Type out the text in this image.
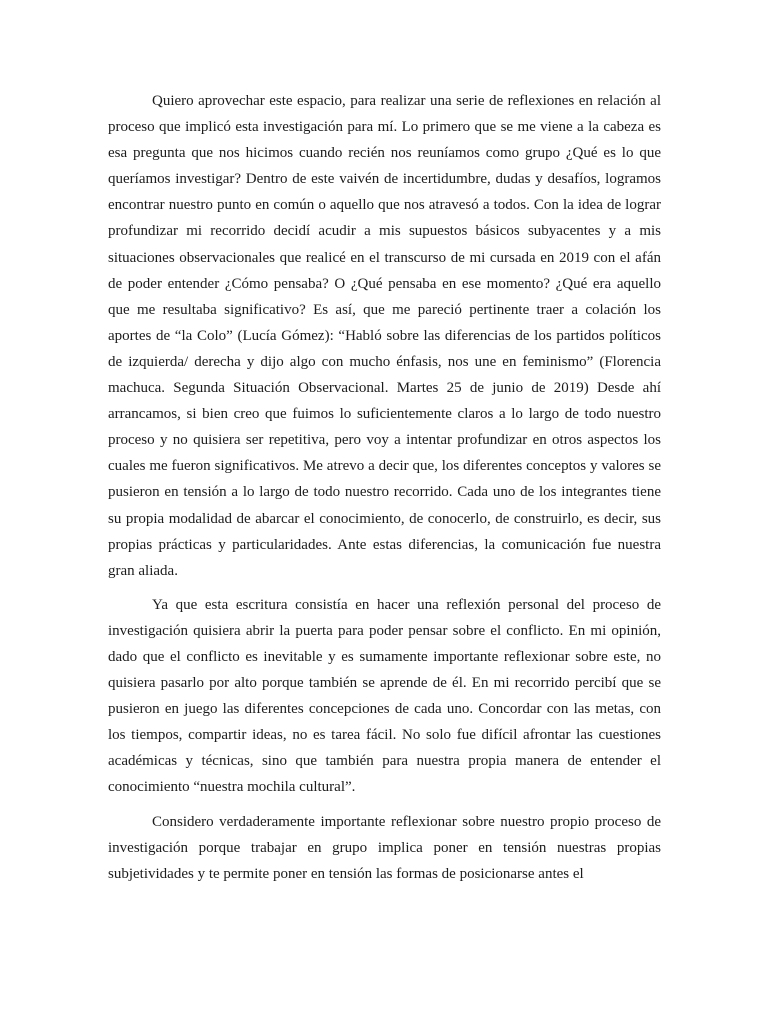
Quiero aprovechar este espacio, para realizar una serie de reflexiones en relación al proceso que implicó esta investigación para mí. Lo primero que se me viene a la cabeza es esa pregunta que nos hicimos cuando recién nos reuníamos como grupo ¿Qué es lo que queríamos investigar? Dentro de este vaivén de incertidumbre, dudas y desafíos, logramos encontrar nuestro punto en común o aquello que nos atravesó a todos. Con la idea de lograr profundizar mi recorrido decidí acudir a mis supuestos básicos subyacentes y a mis situaciones observacionales que realicé en el transcurso de mi cursada en 2019 con el afán de poder entender ¿Cómo pensaba? O ¿Qué pensaba en ese momento? ¿Qué era aquello que me resultaba significativo? Es así, que me pareció pertinente traer a colación los aportes de “la Colo” (Lucía Gómez): “Habló sobre las diferencias de los partidos políticos de izquierda/ derecha y dijo algo con mucho énfasis, nos une en feminismo” (Florencia machuca. Segunda Situación Observacional. Martes 25 de junio de 2019) Desde ahí arrancamos, si bien creo que fuimos lo suficientemente claros a lo largo de todo nuestro proceso y no quisiera ser repetitiva, pero voy a intentar profundizar en otros aspectos los cuales me fueron significativos. Me atrevo a decir que, los diferentes conceptos y valores se pusieron en tensión a lo largo de todo nuestro recorrido. Cada uno de los integrantes tiene su propia modalidad de abarcar el conocimiento, de conocerlo, de construirlo, es decir, sus propias prácticas y particularidades. Ante estas diferencias, la comunicación fue nuestra gran aliada.

Ya que esta escritura consistía en hacer una reflexión personal del proceso de investigación quisiera abrir la puerta para poder pensar sobre el conflicto. En mi opinión, dado que el conflicto es inevitable y es sumamente importante reflexionar sobre este, no quisiera pasarlo por alto porque también se aprende de él. En mi recorrido percibí que se pusieron en juego las diferentes concepciones de cada uno. Concordar con las metas, con los tiempos, compartir ideas, no es tarea fácil. No solo fue difícil afrontar las cuestiones académicas y técnicas, sino que también para nuestra propia manera de entender el conocimiento “nuestra mochila cultural”.

Considero verdaderamente importante reflexionar sobre nuestro propio proceso de investigación porque trabajar en grupo implica poner en tensión nuestras propias subjetividades y te permite poner en tensión las formas de posicionarse antes el
